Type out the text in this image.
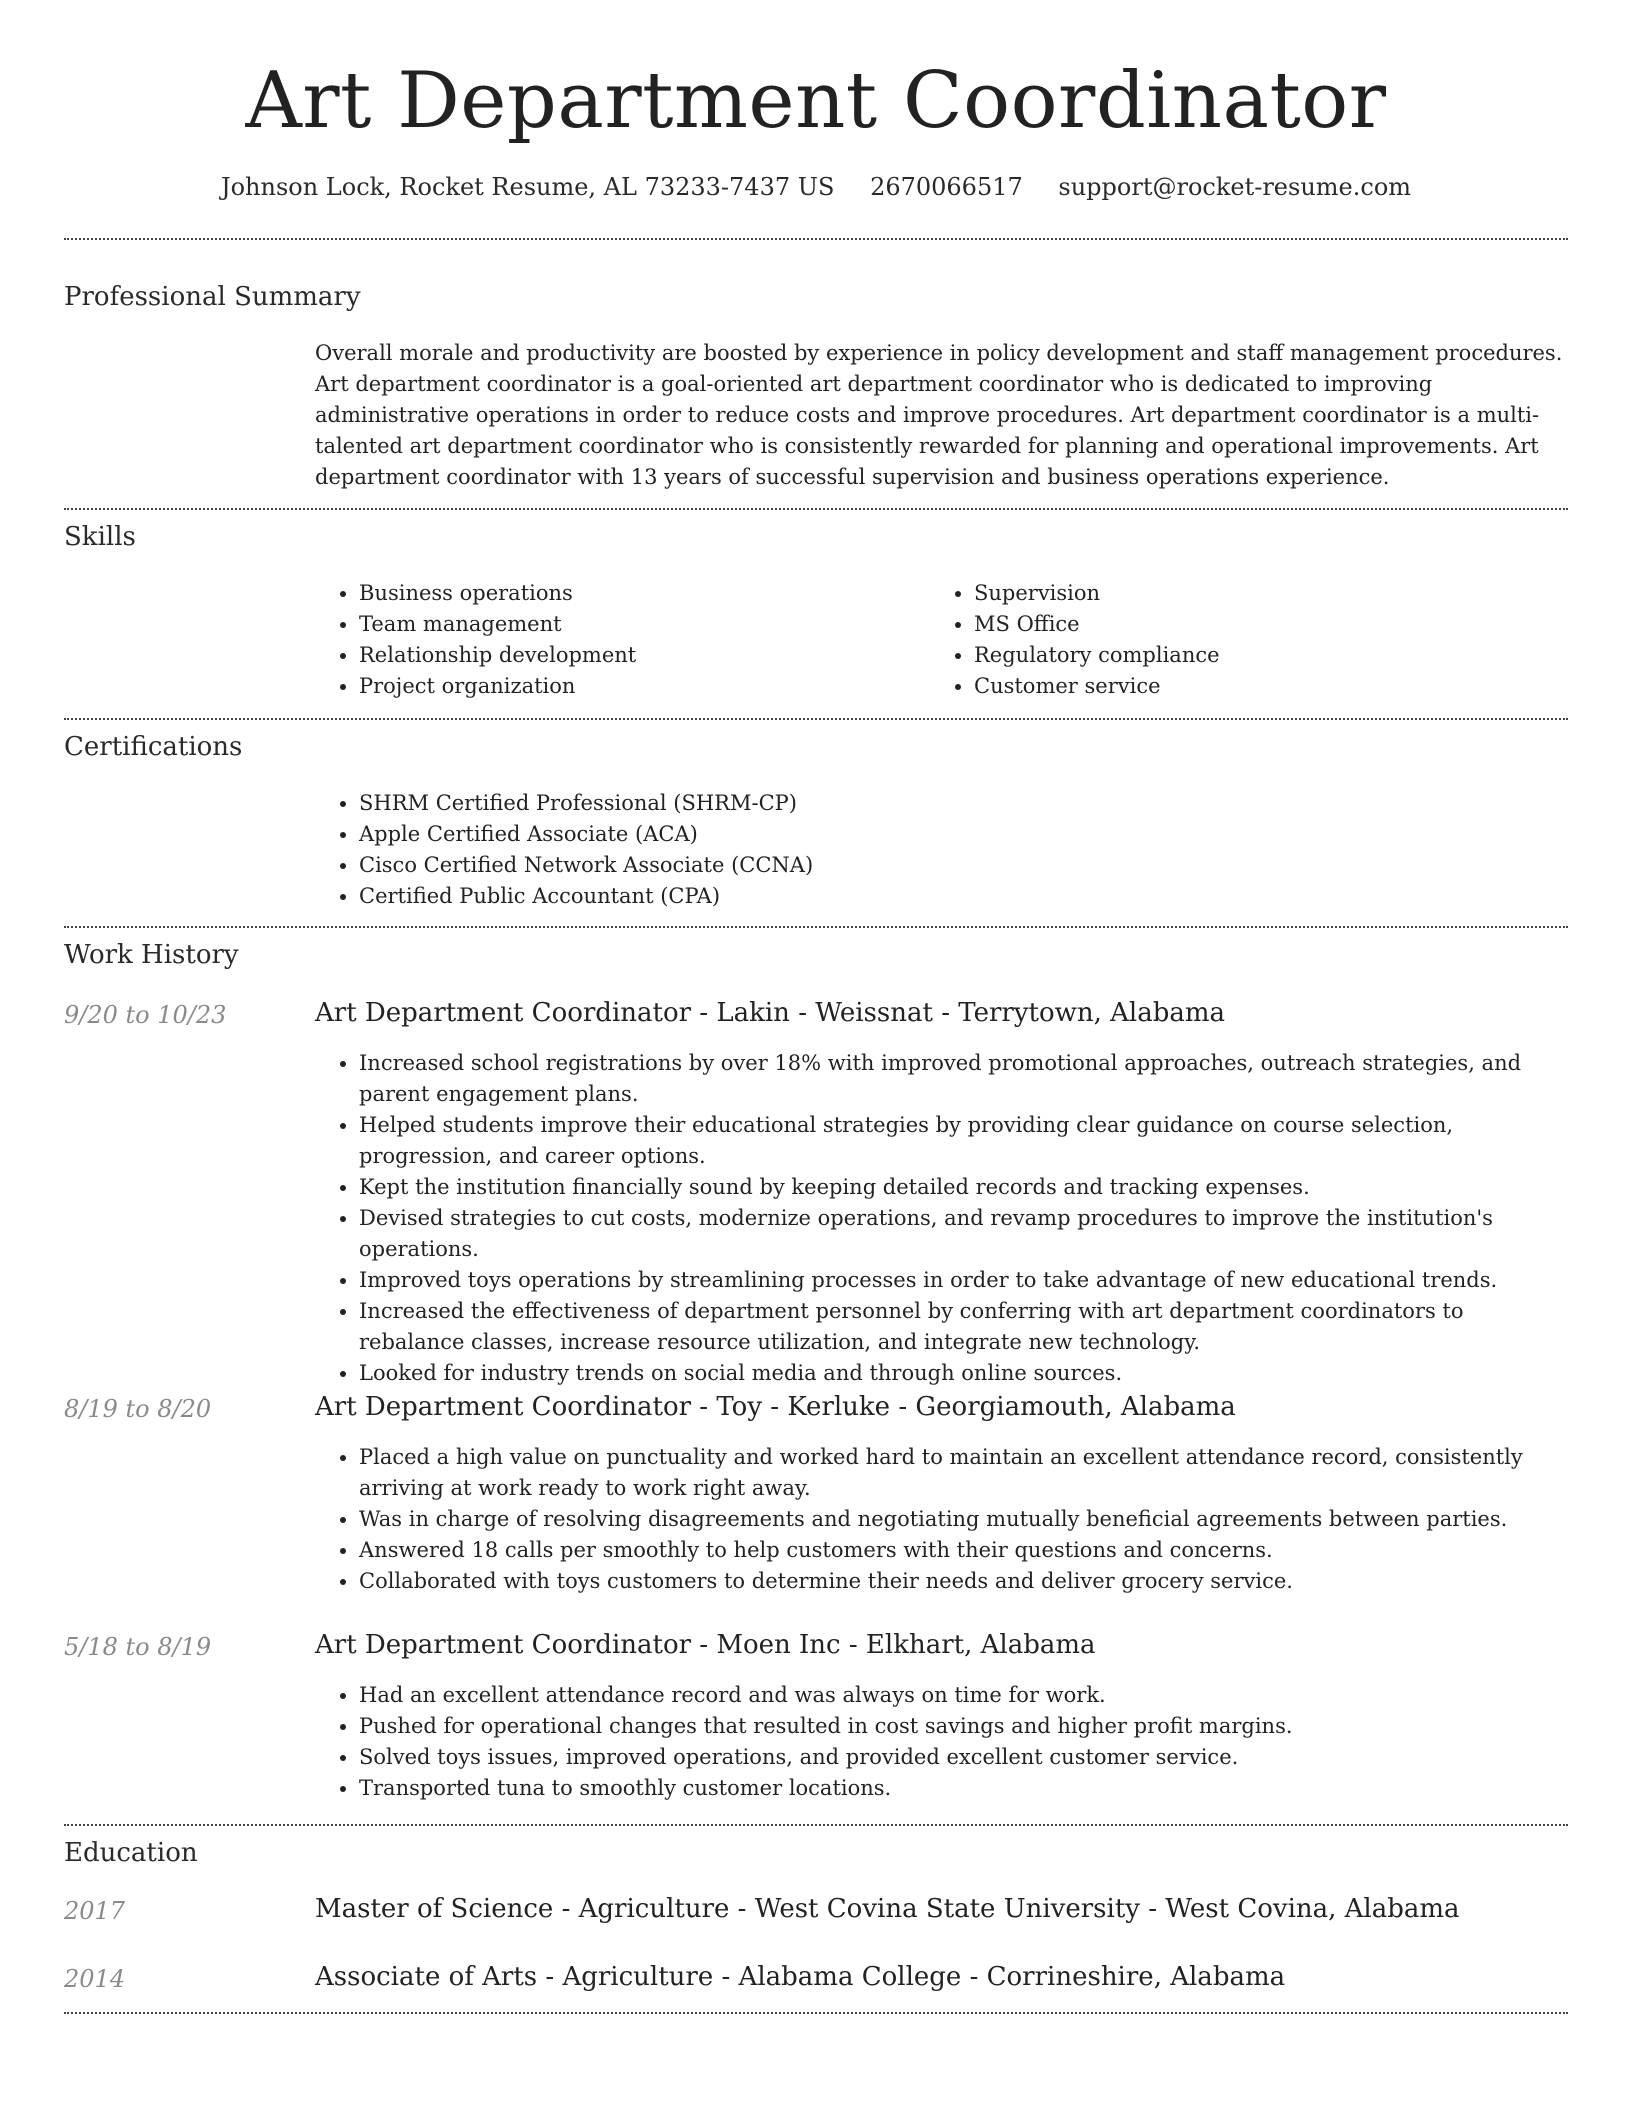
Art Department Coordinator
Johnson Lock, Rocket Resume, AL 73233-7437 US 2670066517 support@rocket-resume.com
Professional Summary

Overall morale and productivity are boosted by experience in policy development and staff management procedures. Art department coordinator is a goal-oriented art department coordinator who is dedicated to improving administrative operations in order to reduce costs and improve procedures. Art department coordinator is a multi-talented art department coordinator who is consistently rewarded for planning and operational improvements. Art department coordinator with 13 years of successful supervision and business operations experience.

Skills
• Business operations
• Team management
• Relationship development
• Project organization
• Supervision
• MS Office
• Regulatory compliance
• Customer service
Certifications
• SHRM Certified Professional (SHRM-CP)
• Apple Certified Associate (ACA)
• Cisco Certified Network Associate (CCNA)
• Certified Public Accountant (CPA)
Work History
9/20 to 10/23	Art Department Coordinator - Lakin - Weissnat - Terrytown, Alabama
• Increased school registrations by over 18% with improved promotional approaches, outreach strategies, and parent engagement plans.
• Helped students improve their educational strategies by providing clear guidance on course selection, progression, and career options.
• Kept the institution financially sound by keeping detailed records and tracking expenses.
• Devised strategies to cut costs, modernize operations, and revamp procedures to improve the institution's operations.
• Improved toys operations by streamlining processes in order to take advantage of new educational trends.
• Increased the effectiveness of department personnel by conferring with art department coordinators to rebalance classes, increase resource utilization, and integrate new technology.
• Looked for industry trends on social media and through online sources.
8/19 to 8/20	Art Department Coordinator - Toy - Kerluke - Georgiamouth, Alabama
• Placed a high value on punctuality and worked hard to maintain an excellent attendance record, consistently arriving at work ready to work right away.
• Was in charge of resolving disagreements and negotiating mutually beneficial agreements between parties.
• Answered 18 calls per smoothly to help customers with their questions and concerns.
• Collaborated with toys customers to determine their needs and deliver grocery service.
5/18 to 8/19	Art Department Coordinator - Moen Inc - Elkhart, Alabama
• Had an excellent attendance record and was always on time for work.
• Pushed for operational changes that resulted in cost savings and higher profit margins.
• Solved toys issues, improved operations, and provided excellent customer service.
• Transported tuna to smoothly customer locations.
Education
2017	Master of Science - Agriculture - West Covina State University - West Covina, Alabama
2014	Associate of Arts - Agriculture - Alabama College - Corrineshire, Alabama
